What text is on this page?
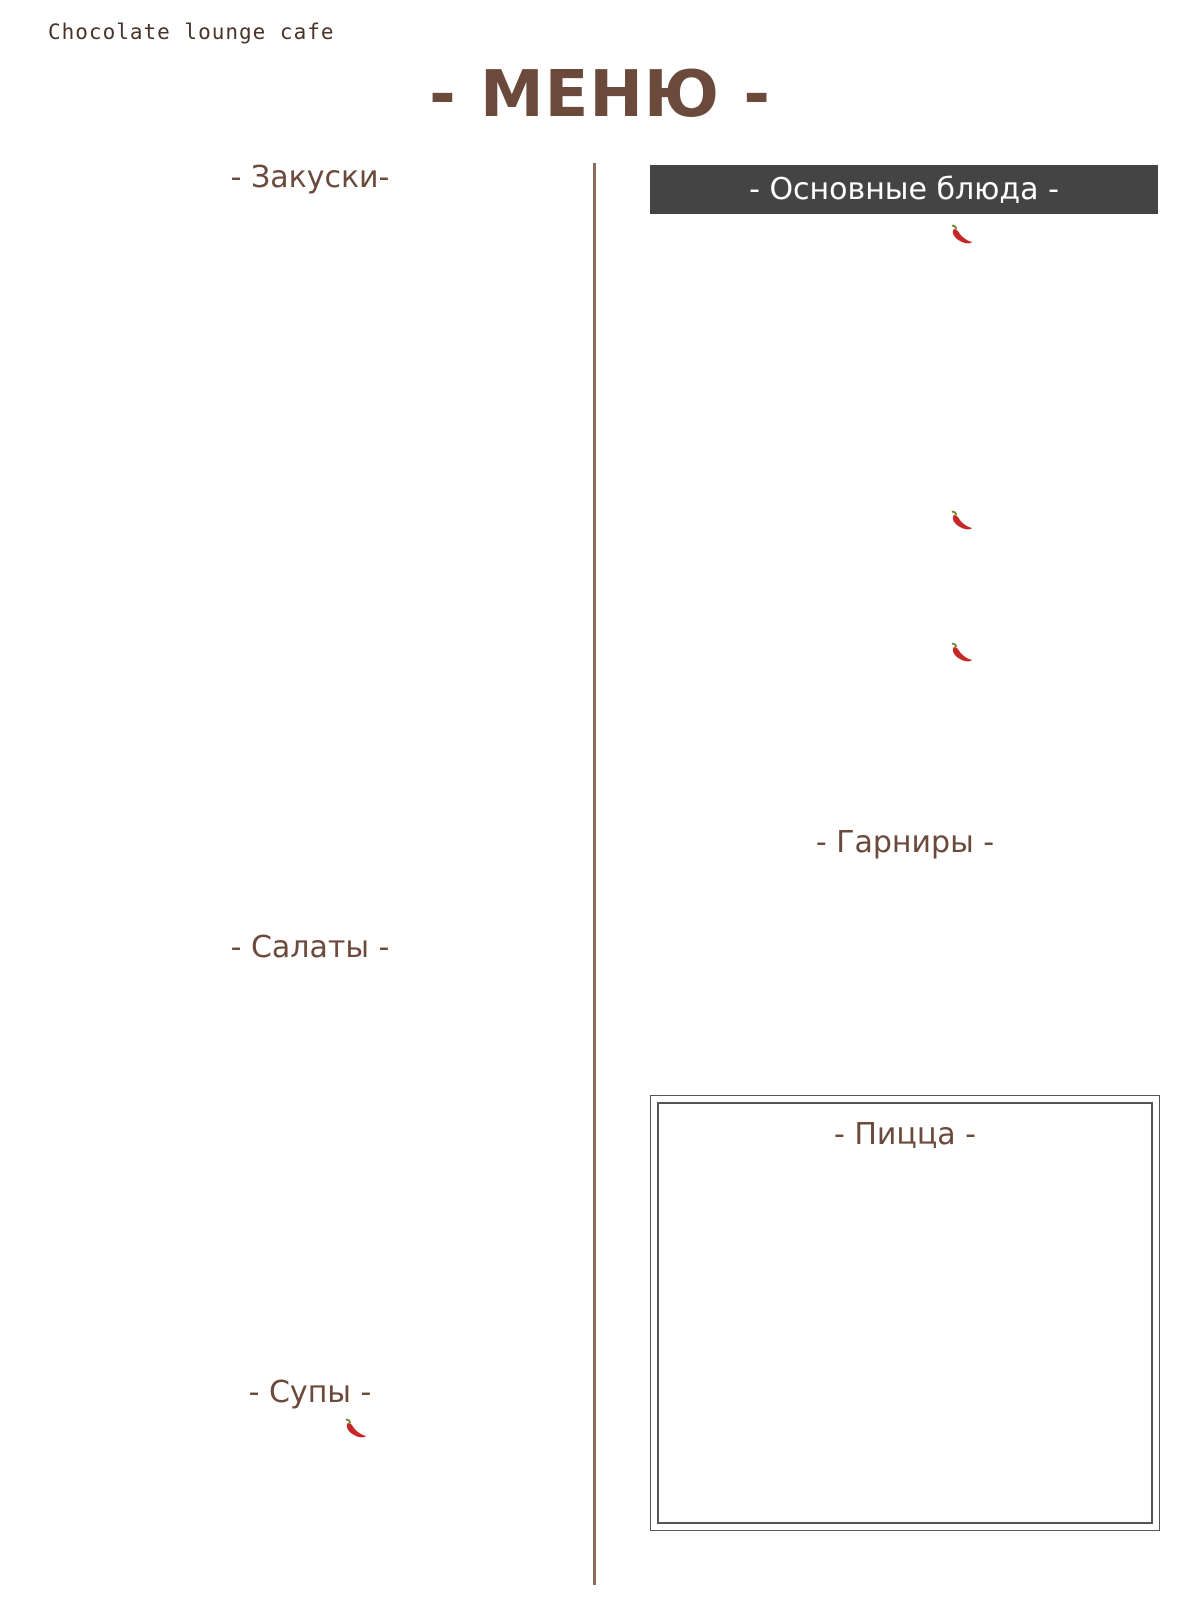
Chocolate lounge cafe
- МЕНЮ -
- Закуски-
- Салаты -
- Супы -
- Основные блюда -
- Гарниры -
- Пицца -
